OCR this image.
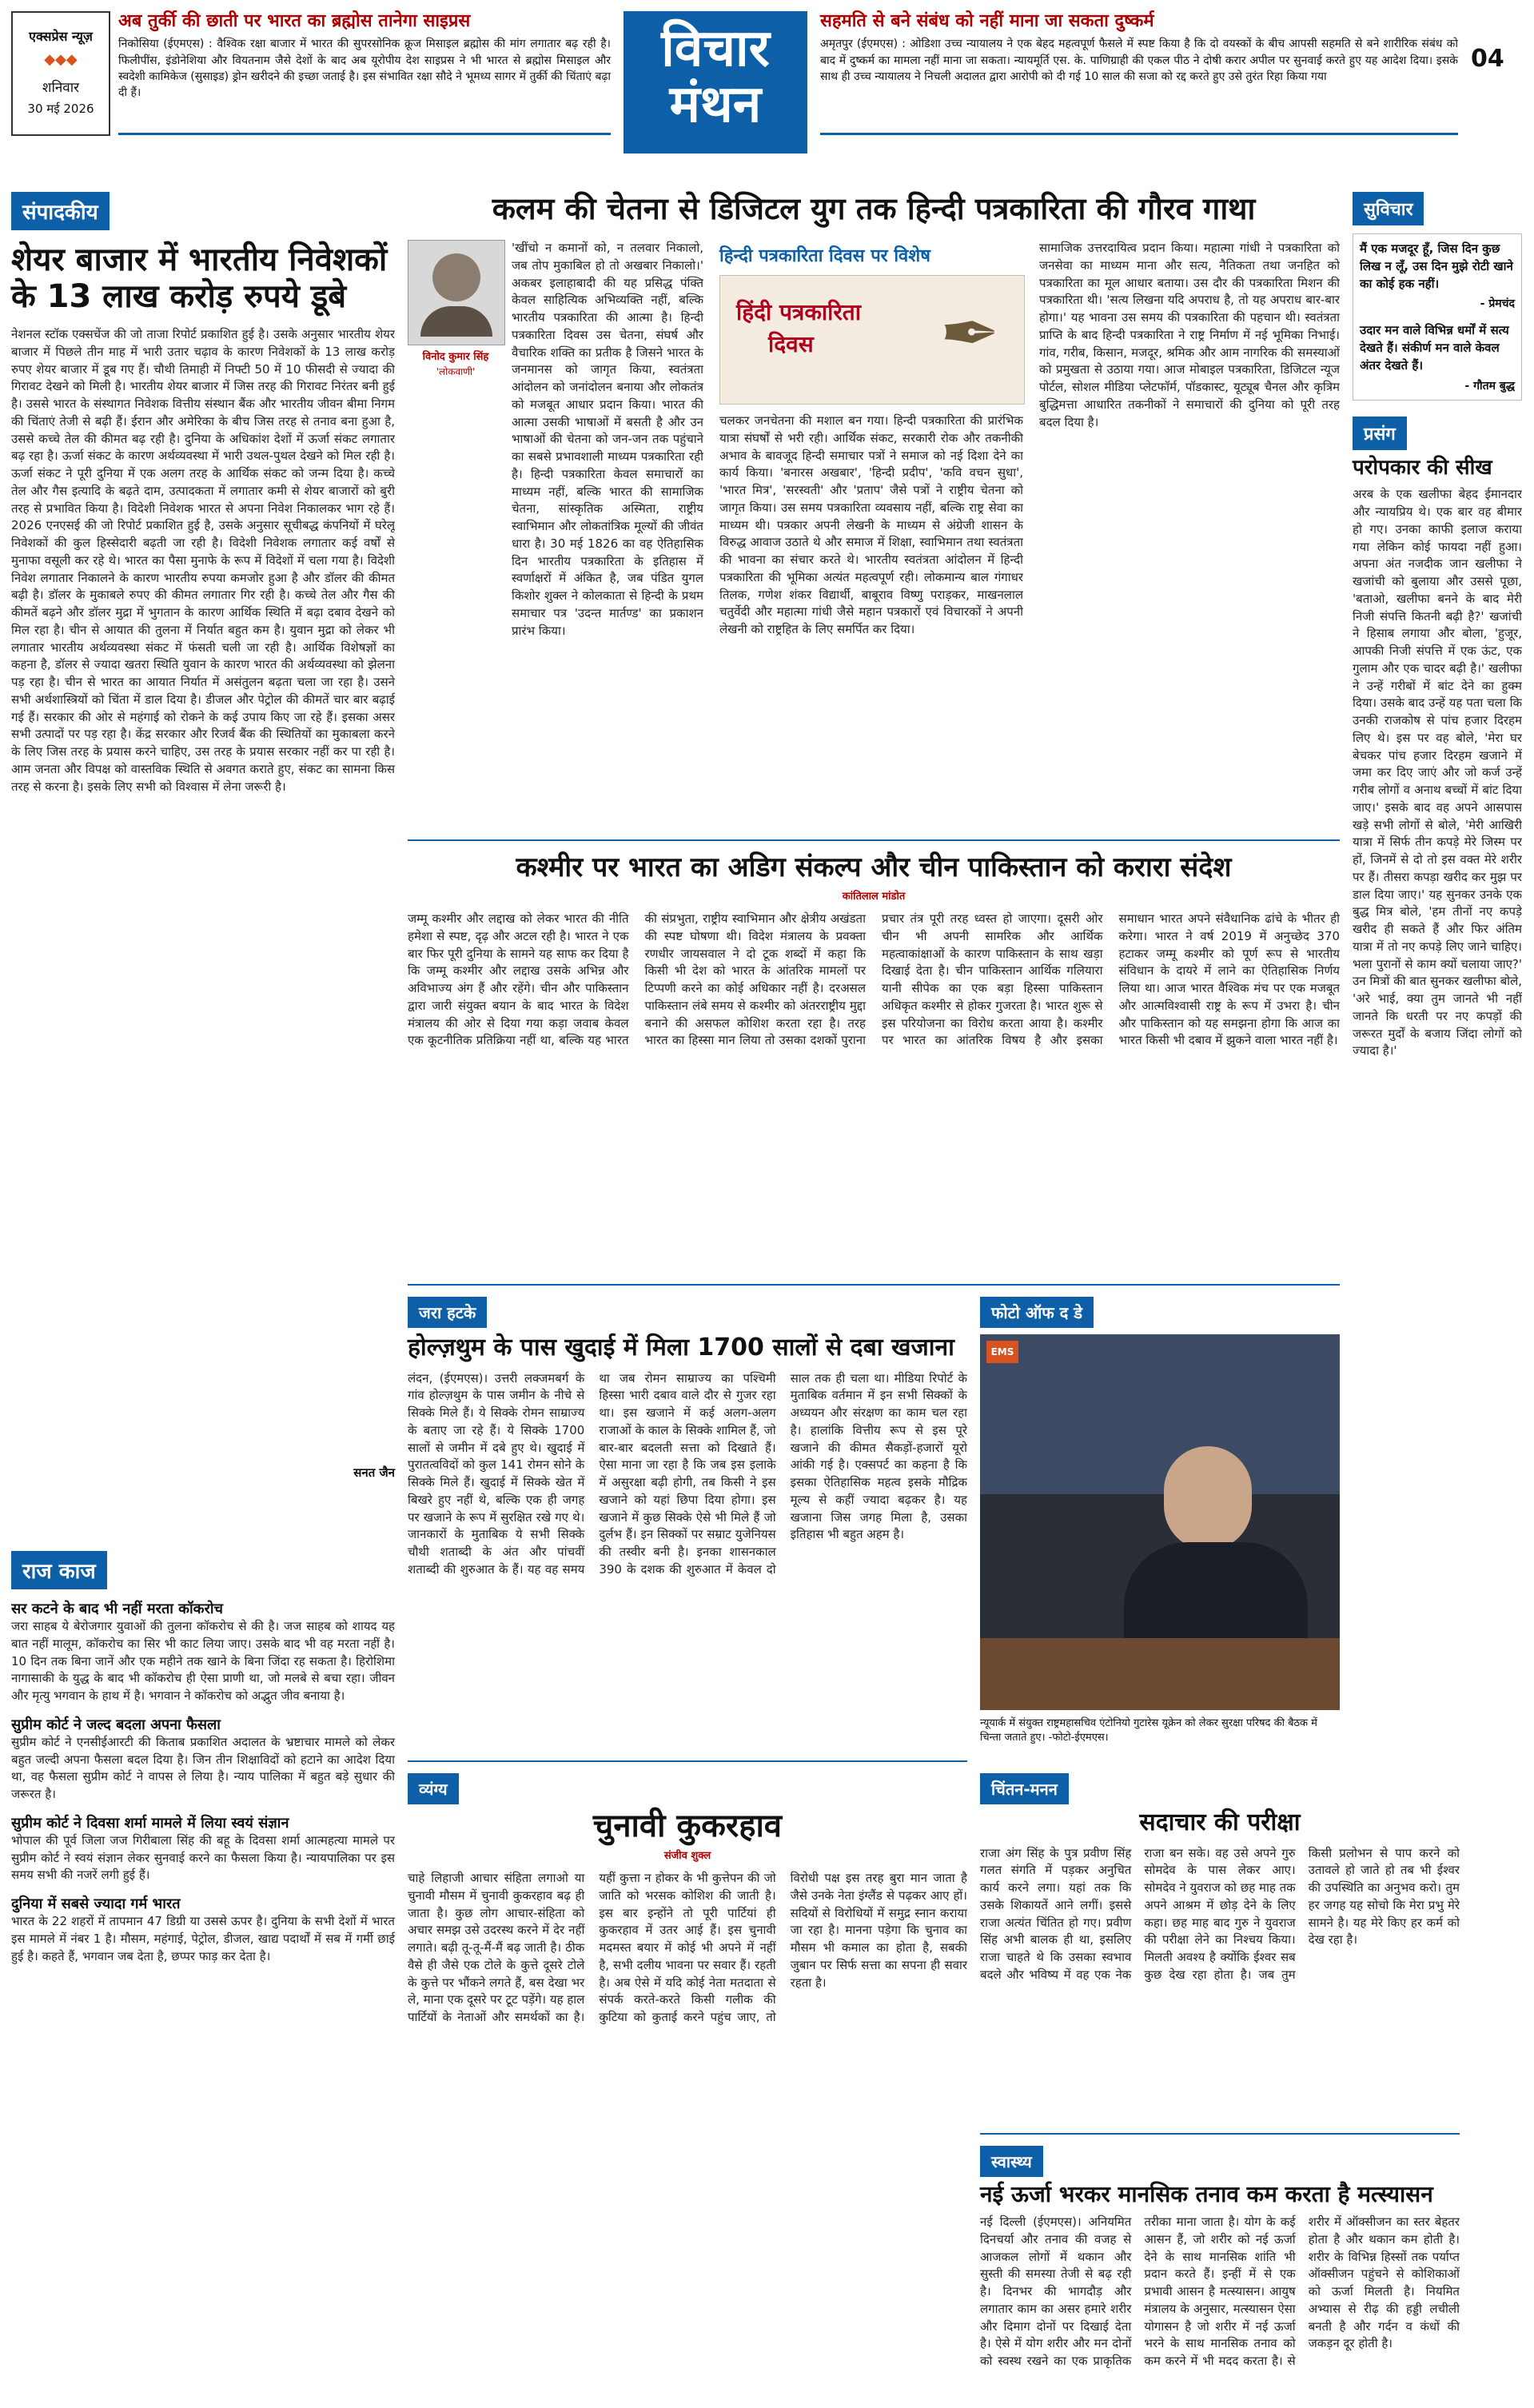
एक्सप्रेस न्यूज़
◆◆◆
शनिवार
30 मई 2026
अब तुर्की की छाती पर भारत का ब्रह्मोस तानेगा साइप्रस
निकोसिया (ईएमएस) : वैश्विक रक्षा बाजार में भारत की सुपरसोनिक क्रूज मिसाइल ब्रह्मोस की मांग लगातार बढ़ रही है। फिलीपींस, इंडोनेशिया और वियतनाम जैसे देशों के बाद अब यूरोपीय देश साइप्रस ने भी भारत से ब्रह्मोस मिसाइल और स्वदेशी कामिकेज (सुसाइड) ड्रोन खरीदने की इच्छा जताई है। इस संभावित रक्षा सौदे ने भूमध्य सागर में तुर्की की चिंताएं बढ़ा दी हैं।
विचार
मंथन
सहमति से बने संबंध को नहीं माना जा सकता दुष्कर्म
अमृतपुर (ईएमएस) : ओडिशा उच्च न्यायालय ने एक बेहद महत्वपूर्ण फैसले में स्पष्ट किया है कि दो वयस्कों के बीच आपसी सहमति से बने शारीरिक संबंध को बाद में दुष्कर्म का मामला नहीं माना जा सकता। न्यायमूर्ति एस. के. पाणिग्राही की एकल पीठ ने दोषी करार अपील पर सुनवाई करते हुए यह आदेश दिया। इसके साथ ही उच्च न्यायालय ने निचली अदालत द्वारा आरोपी को दी गई 10 साल की सजा को रद्द करते हुए उसे तुरंत रिहा किया गया
04
संपादकीय
शेयर बाजार में भारतीय निवेशकों के 13 लाख करोड़ रुपये डूबे
नेशनल स्टॉक एक्सचेंज की जो ताजा रिपोर्ट प्रकाशित हुई है। उसके अनुसार भारतीय शेयर बाजार में पिछले तीन माह में भारी उतार चढ़ाव के कारण निवेशकों के 13 लाख करोड़ रुपए शेयर बाजार में डूब गए हैं। चौथी तिमाही में निफ्टी 50 में 10 फीसदी से ज्यादा की गिरावट देखने को मिली है। भारतीय शेयर बाजार में जिस तरह की गिरावट निरंतर बनी हुई है। उससे भारत के संस्थागत निवेशक वित्तीय संस्थान बैंक और भारतीय जीवन बीमा निगम की चिंताएं तेजी से बढ़ी हैं। ईरान और अमेरिका के बीच जिस तरह से तनाव बना हुआ है, उससे कच्चे तेल की कीमत बढ़ रही है। दुनिया के अधिकांश देशों में ऊर्जा संकट लगातार बढ़ रहा है। ऊर्जा संकट के कारण अर्थव्यवस्था में भारी उथल-पुथल देखने को मिल रही है। ऊर्जा संकट ने पूरी दुनिया में एक अलग तरह के आर्थिक संकट को जन्म दिया है। कच्चे तेल और गैस इत्यादि के बढ़ते दाम, उत्पादकता में लगातार कमी से शेयर बाजारों को बुरी तरह से प्रभावित किया है। विदेशी निवेशक भारत से अपना निवेश निकालकर भाग रहे हैं। 2026 एनएसई की जो रिपोर्ट प्रकाशित हुई है, उसके अनुसार सूचीबद्ध कंपनियों में घरेलू निवेशकों की कुल हिस्सेदारी बढ़ती जा रही है। विदेशी निवेशक लगातार कई वर्षों से मुनाफा वसूली कर रहे थे। भारत का पैसा मुनाफे के रूप में विदेशों में चला गया है। विदेशी निवेश लगातार निकालने के कारण भारतीय रुपया कमजोर हुआ है और डॉलर की कीमत बढ़ी है। डॉलर के मुकाबले रुपए की कीमत लगातार गिर रही है। कच्चे तेल और गैस की कीमतें बढ़ने और डॉलर मुद्रा में भुगतान के कारण आर्थिक स्थिति में बढ़ा दबाव देखने को मिल रहा है। चीन से आयात की तुलना में निर्यात बहुत कम है। युवान मुद्रा को लेकर भी लगातार भारतीय अर्थव्यवस्था संकट में फंसती चली जा रही है। आर्थिक विशेषज्ञों का कहना है, डॉलर से ज्यादा खतरा स्थिति युवान के कारण भारत की अर्थव्यवस्था को झेलना पड़ रहा है। चीन से भारत का आयात निर्यात में असंतुलन बढ़ता चला जा रहा है। उसने सभी अर्थशास्त्रियों को चिंता में डाल दिया है। डीजल और पेट्रोल की कीमतें चार बार बढ़ाई गई हैं। सरकार की ओर से महंगाई को रोकने के कई उपाय किए जा रहे हैं। इसका असर सभी उत्पादों पर पड़ रहा है। केंद्र सरकार और रिजर्व बैंक की स्थितियों का मुकाबला करने के लिए जिस तरह के प्रयास करने चाहिए, उस तरह के प्रयास सरकार नहीं कर पा रही है। आम जनता और विपक्ष को वास्तविक स्थिति से अवगत कराते हुए, संकट का सामना किस तरह से करना है। इसके लिए सभी को विश्वास में लेना जरूरी है।
सनत जैन
राज काज
सर कटने के बाद भी नहीं मरता कॉकरोच
जरा साहब ये बेरोजगार युवाओं की तुलना कॉकरोच से की है। जज साहब को शायद यह बात नहीं मालूम, कॉकरोच का सिर भी काट लिया जाए। उसके बाद भी वह मरता नहीं है। 10 दिन तक बिना जानें और एक महीने तक खाने के बिना जिंदा रह सकता है। हिरोशिमा नागासाकी के युद्ध के बाद भी कॉकरोच ही ऐसा प्राणी था, जो मलबे से बचा रहा। जीवन और मृत्यु भगवान के हाथ में है। भगवान ने कॉकरोच को अद्भुत जीव बनाया है।
सुप्रीम कोर्ट ने जल्द बदला अपना फैसला
सुप्रीम कोर्ट ने एनसीईआरटी की किताब प्रकाशित अदालत के भ्रष्टाचार मामले को लेकर बहुत जल्दी अपना फैसला बदल दिया है। जिन तीन शिक्षाविदों को हटाने का आदेश दिया था, वह फैसला सुप्रीम कोर्ट ने वापस ले लिया है। न्याय पालिका में बहुत बड़े सुधार की जरूरत है।
सुप्रीम कोर्ट ने दिवसा शर्मा मामले में लिया स्वयं संज्ञान
भोपाल की पूर्व जिला जज गिरीबाला सिंह की बहू के दिवसा शर्मा आत्महत्या मामले पर सुप्रीम कोर्ट ने स्वयं संज्ञान लेकर सुनवाई करने का फैसला किया है। न्यायपालिका पर इस समय सभी की नजरें लगी हुई हैं।
दुनिया में सबसे ज्यादा गर्म भारत
भारत के 22 शहरों में तापमान 47 डिग्री या उससे ऊपर है। दुनिया के सभी देशों में भारत इस मामले में नंबर 1 है। मौसम, महंगाई, पेट्रोल, डीजल, खाद्य पदार्थों में सब में गर्मी छाई हुई है। कहते हैं, भगवान जब देता है, छप्पर फाड़ कर देता है।
कलम की चेतना से डिजिटल युग तक हिन्दी पत्रकारिता की गौरव गाथा
विनोद कुमार सिंह
'लोकवाणी'
'खींचो न कमानों को, न तलवार निकालो, जब तोप मुकाबिल हो तो अखबार निकालो।' अकबर इलाहाबादी की यह प्रसिद्ध पंक्ति केवल साहित्यिक अभिव्यक्ति नहीं, बल्कि भारतीय पत्रकारिता की आत्मा है। हिन्दी पत्रकारिता दिवस उस चेतना, संघर्ष और वैचारिक शक्ति का प्रतीक है जिसने भारत के जनमानस को जागृत किया, स्वतंत्रता आंदोलन को जनांदोलन बनाया और लोकतंत्र को मजबूत आधार प्रदान किया। भारत की आत्मा उसकी भाषाओं में बसती है और उन भाषाओं की चेतना को जन-जन तक पहुंचाने का सबसे प्रभावशाली माध्यम पत्रकारिता रही है। हिन्दी पत्रकारिता केवल समाचारों का माध्यम नहीं, बल्कि भारत की सामाजिक चेतना, सांस्कृतिक अस्मिता, राष्ट्रीय स्वाभिमान और लोकतांत्रिक मूल्यों की जीवंत धारा है। 30 मई 1826 का वह ऐतिहासिक दिन भारतीय पत्रकारिता के इतिहास में स्वर्णाक्षरों में अंकित है, जब पंडित युगल किशोर शुक्ल ने कोलकाता से हिन्दी के प्रथम समाचार पत्र 'उदन्त मार्तण्ड' का प्रकाशन प्रारंभ किया।
हिन्दी पत्रकारिता दिवस पर विशेष
हिंदी पत्रकारिता
दिवस	✒
चलकर जनचेतना की मशाल बन गया। हिन्दी पत्रकारिता की प्रारंभिक यात्रा संघर्षों से भरी रही। आर्थिक संकट, सरकारी रोक और तकनीकी अभाव के बावजूद हिन्दी समाचार पत्रों ने समाज को नई दिशा देने का कार्य किया। 'बनारस अखबार', 'हिन्दी प्रदीप', 'कवि वचन सुधा', 'भारत मित्र', 'सरस्वती' और 'प्रताप' जैसे पत्रों ने राष्ट्रीय चेतना को जागृत किया। उस समय पत्रकारिता व्यवसाय नहीं, बल्कि राष्ट्र सेवा का माध्यम थी। पत्रकार अपनी लेखनी के माध्यम से अंग्रेजी शासन के विरुद्ध आवाज उठाते थे और समाज में शिक्षा, स्वाभिमान तथा स्वतंत्रता की भावना का संचार करते थे। भारतीय स्वतंत्रता आंदोलन में हिन्दी पत्रकारिता की भूमिका अत्यंत महत्वपूर्ण रही। लोकमान्य बाल गंगाधर तिलक, गणेश शंकर विद्यार्थी, बाबूराव विष्णु पराड़कर, माखनलाल चतुर्वेदी और महात्मा गांधी जैसे महान पत्रकारों एवं विचारकों ने अपनी लेखनी को राष्ट्रहित के लिए समर्पित कर दिया।
सामाजिक उत्तरदायित्व प्रदान किया। महात्मा गांधी ने पत्रकारिता को जनसेवा का माध्यम माना और सत्य, नैतिकता तथा जनहित को पत्रकारिता का मूल आधार बताया। उस दौर की पत्रकारिता मिशन की पत्रकारिता थी। 'सत्य लिखना यदि अपराध है, तो यह अपराध बार-बार होगा।' यह भावना उस समय की पत्रकारिता की पहचान थी। स्वतंत्रता प्राप्ति के बाद हिन्दी पत्रकारिता ने राष्ट्र निर्माण में नई भूमिका निभाई। गांव, गरीब, किसान, मजदूर, श्रमिक और आम नागरिक की समस्याओं को प्रमुखता से उठाया गया। आज मोबाइल पत्रकारिता, डिजिटल न्यूज पोर्टल, सोशल मीडिया प्लेटफॉर्म, पॉडकास्ट, यूट्यूब चैनल और कृत्रिम बुद्धिमत्ता आधारित तकनीकों ने समाचारों की दुनिया को पूरी तरह बदल दिया है।
कश्मीर पर भारत का अडिग संकल्प और चीन पाकिस्तान को करारा संदेश
कांतिलाल मांडोत
जम्मू कश्मीर और लद्दाख को लेकर भारत की नीति हमेशा से स्पष्ट, दृढ़ और अटल रही है। भारत ने एक बार फिर पूरी दुनिया के सामने यह साफ कर दिया है कि जम्मू कश्मीर और लद्दाख उसके अभिन्न और अविभाज्य अंग हैं और रहेंगे। चीन और पाकिस्तान द्वारा जारी संयुक्त बयान के बाद भारत के विदेश मंत्रालय की ओर से दिया गया कड़ा जवाब केवल एक कूटनीतिक प्रतिक्रिया नहीं था, बल्कि यह भारत की संप्रभुता, राष्ट्रीय स्वाभिमान और क्षेत्रीय अखंडता की स्पष्ट घोषणा थी। विदेश मंत्रालय के प्रवक्ता रणधीर जायसवाल ने दो टूक शब्दों में कहा कि किसी भी देश को भारत के आंतरिक मामलों पर टिप्पणी करने का कोई अधिकार नहीं है। दरअसल पाकिस्तान लंबे समय से कश्मीर को अंतरराष्ट्रीय मुद्दा बनाने की असफल कोशिश करता रहा है। तरह भारत का हिस्सा मान लिया तो उसका दशकों पुराना प्रचार तंत्र पूरी तरह ध्वस्त हो जाएगा। दूसरी ओर चीन भी अपनी सामरिक और आर्थिक महत्वाकांक्षाओं के कारण पाकिस्तान के साथ खड़ा दिखाई देता है। चीन पाकिस्तान आर्थिक गलियारा यानी सीपेक का एक बड़ा हिस्सा पाकिस्तान अधिकृत कश्मीर से होकर गुजरता है। भारत शुरू से इस परियोजना का विरोध करता आया है। कश्मीर पर भारत का आंतरिक विषय है और इसका समाधान भारत अपने संवैधानिक ढांचे के भीतर ही करेगा। भारत ने वर्ष 2019 में अनुच्छेद 370 हटाकर जम्मू कश्मीर को पूर्ण रूप से भारतीय संविधान के दायरे में लाने का ऐतिहासिक निर्णय लिया था। आज भारत वैश्विक मंच पर एक मजबूत और आत्मविश्वासी राष्ट्र के रूप में उभरा है। चीन और पाकिस्तान को यह समझना होगा कि आज का भारत किसी भी दबाव में झुकने वाला भारत नहीं है।
जरा हटके
होल्ज़थुम के पास खुदाई में मिला 1700 सालों से दबा खजाना
लंदन, (ईएमएस)। उत्तरी लक्जमबर्ग के गांव होल्ज़थुम के पास जमीन के नीचे से सिक्के मिले हैं। ये सिक्के रोमन साम्राज्य के बताए जा रहे हैं। ये सिक्के 1700 सालों से जमीन में दबे हुए थे। खुदाई में पुरातत्वविदों को कुल 141 रोमन सोने के सिक्के मिले हैं। खुदाई में सिक्के खेत में बिखरे हुए नहीं थे, बल्कि एक ही जगह पर खजाने के रूप में सुरक्षित रखे गए थे। जानकारों के मुताबिक ये सभी सिक्के चौथी शताब्दी के अंत और पांचवीं शताब्दी की शुरुआत के हैं। यह वह समय था जब रोमन साम्राज्य का पश्चिमी हिस्सा भारी दबाव वाले दौर से गुजर रहा था। इस खजाने में कई अलग-अलग राजाओं के काल के सिक्के शामिल हैं, जो बार-बार बदलती सत्ता को दिखाते हैं। ऐसा माना जा रहा है कि जब इस इलाके में असुरक्षा बढ़ी होगी, तब किसी ने इस खजाने को यहां छिपा दिया होगा। इस खजाने में कुछ सिक्के ऐसे भी मिले हैं जो दुर्लभ हैं। इन सिक्कों पर सम्राट युजेनियस की तस्वीर बनी है। इनका शासनकाल 390 के दशक की शुरुआत में केवल दो साल तक ही चला था। मीडिया रिपोर्ट के मुताबिक वर्तमान में इन सभी सिक्कों के अध्ययन और संरक्षण का काम चल रहा है। हालांकि वित्तीय रूप से इस पूरे खजाने की कीमत सैकड़ों-हजारों यूरो आंकी गई है। एक्सपर्ट का कहना है कि इसका ऐतिहासिक महत्व इसके मौद्रिक मूल्य से कहीं ज्यादा बढ़कर है। यह खजाना जिस जगह मिला है, उसका इतिहास भी बहुत अहम है।
फोटो ऑफ द डे
EMS
न्यूयार्क में संयुक्त राष्ट्रमहासचिव एंटोनियो गुटारेस यूक्रेन को लेकर सुरक्षा परिषद की बैठक में चिन्ता जताते हुए। -फोटो-ईएमएस।
व्यंग्य
चुनावी कुकरहाव
संजीव शुक्ल
चाहे लिहाजी आचार संहिता लगाओ या चुनावी मौसम में चुनावी कुकरहाव बढ़ ही जाता है। कुछ लोग आचार-संहिता को अचार समझ उसे उदरस्थ करने में देर नहीं लगाते। बढ़ी तू-तू-मैं-मैं बढ़ जाती है। ठीक वैसे ही जैसे एक टोले के कुत्ते दूसरे टोले के कुत्ते पर भौंकने लगते हैं, बस देखा भर ले, माना एक दूसरे पर टूट पड़ेंगे। यह हाल पार्टियों के नेताओं और समर्थकों का है। यहीं कुत्ता न होकर के भी कुत्तेपन की जो जाति को भरसक कोशिश की जाती है। इस बार इन्होंने तो पूरी पार्टियां ही कुकरहाव में उतर आई हैं। इस चुनावी मदमस्त बयार में कोई भी अपने में नहीं है, सभी दलीय भावना पर सवार हैं। रहती है। अब ऐसे में यदि कोई नेता मतदाता से संपर्क करते-करते किसी गलीक की कुटिया को कुताई करने पहुंच जाए, तो विरोधी पक्ष इस तरह बुरा मान जाता है जैसे उनके नेता इंग्लैंड से पढ़कर आए हों। सदियों से विरोधियों में समुद्र स्नान कराया जा रहा है। मानना पड़ेगा कि चुनाव का मौसम भी कमाल का होता है, सबकी जुबान पर सिर्फ सत्ता का सपना ही सवार रहता है।
चिंतन-मनन
सदाचार की परीक्षा
राजा अंग सिंह के पुत्र प्रवीण सिंह गलत संगति में पड़कर अनुचित कार्य करने लगा। यहां तक कि उसके शिकायतें आने लगीं। इससे राजा अत्यंत चिंतित हो गए। प्रवीण सिंह अभी बालक ही था, इसलिए राजा चाहते थे कि उसका स्वभाव बदले और भविष्य में वह एक नेक राजा बन सके। वह उसे अपने गुरु सोमदेव के पास लेकर आए। सोमदेव ने युवराज को छह माह तक अपने आश्रम में छोड़ देने के लिए कहा। छह माह बाद गुरु ने युवराज की परीक्षा लेने का निश्चय किया। मिलती अवश्य है क्योंकि ईश्वर सब कुछ देख रहा होता है। जब तुम किसी प्रलोभन से पाप करने को उतावले हो जाते हो तब भी ईश्वर की उपस्थिति का अनुभव करो। तुम हर जगह यह सोचो कि मेरा प्रभु मेरे सामने है। यह मेरे किए हर कर्म को देख रहा है।
स्वास्थ्य
नई ऊर्जा भरकर मानसिक तनाव कम करता है मत्स्यासन
नई दिल्ली (ईएमएस)। अनियमित दिनचर्या और तनाव की वजह से आजकल लोगों में थकान और सुस्ती की समस्या तेजी से बढ़ रही है। दिनभर की भागदौड़ और लगातार काम का असर हमारे शरीर और दिमाग दोनों पर दिखाई देता है। ऐसे में योग शरीर और मन दोनों को स्वस्थ रखने का एक प्राकृतिक तरीका माना जाता है। योग के कई आसन हैं, जो शरीर को नई ऊर्जा देने के साथ मानसिक शांति भी प्रदान करते हैं। इन्हीं में से एक प्रभावी आसन है मत्स्यासन। आयुष मंत्रालय के अनुसार, मत्स्यासन ऐसा योगासन है जो शरीर में नई ऊर्जा भरने के साथ मानसिक तनाव को कम करने में भी मदद करता है। से शरीर में ऑक्सीजन का स्तर बेहतर होता है और थकान कम होती है। शरीर के विभिन्न हिस्सों तक पर्याप्त ऑक्सीजन पहुंचने से कोशिकाओं को ऊर्जा मिलती है। नियमित अभ्यास से रीढ़ की हड्डी लचीली बनती है और गर्दन व कंधों की जकड़न दूर होती है।
सुविचार
मैं एक मजदूर हूँ, जिस दिन कुछ लिख न लूँ, उस दिन मुझे रोटी खाने का कोई हक नहीं।
- प्रेमचंद
उदार मन वाले विभिन्न धर्मों में सत्य देखते हैं। संकीर्ण मन वाले केवल अंतर देखते हैं।
- गौतम बुद्ध
प्रसंग
परोपकार की सीख
अरब के एक खलीफा बेहद ईमानदार और न्यायप्रिय थे। एक बार वह बीमार हो गए। उनका काफी इलाज कराया गया लेकिन कोई फायदा नहीं हुआ। अपना अंत नजदीक जान खलीफा ने खजांची को बुलाया और उससे पूछा, 'बताओ, खलीफा बनने के बाद मेरी निजी संपत्ति कितनी बढ़ी है?' खजांची ने हिसाब लगाया और बोला, 'हुजूर, आपकी निजी संपत्ति में एक ऊंट, एक गुलाम और एक चादर बढ़ी है।' खलीफा ने उन्हें गरीबों में बांट देने का हुक्म दिया। उसके बाद उन्हें यह पता चला कि उनकी राजकोष से पांच हजार दिरहम लिए थे। इस पर वह बोले, 'मेरा घर बेचकर पांच हजार दिरहम खजाने में जमा कर दिए जाएं और जो कर्ज उन्हें गरीब लोगों व अनाथ बच्चों में बांट दिया जाए।' इसके बाद वह अपने आसपास खड़े सभी लोगों से बोले, 'मेरी आखिरी यात्रा में सिर्फ तीन कपड़े मेरे जिस्म पर हों, जिनमें से दो तो इस वक्त मेरे शरीर पर हैं। तीसरा कपड़ा खरीद कर मुझ पर डाल दिया जाए।' यह सुनकर उनके एक बुद्ध मित्र बोले, 'हम तीनों नए कपड़े खरीद ही सकते हैं और फिर अंतिम यात्रा में तो नए कपड़े लिए जाने चाहिए। भला पुरानों से काम क्यों चलाया जाए?' उन मित्रों की बात सुनकर खलीफा बोले, 'अरे भाई, क्या तुम जानते भी नहीं जानते कि धरती पर नए कपड़ों की जरूरत मुर्दों के बजाय जिंदा लोगों को ज्यादा है।'
